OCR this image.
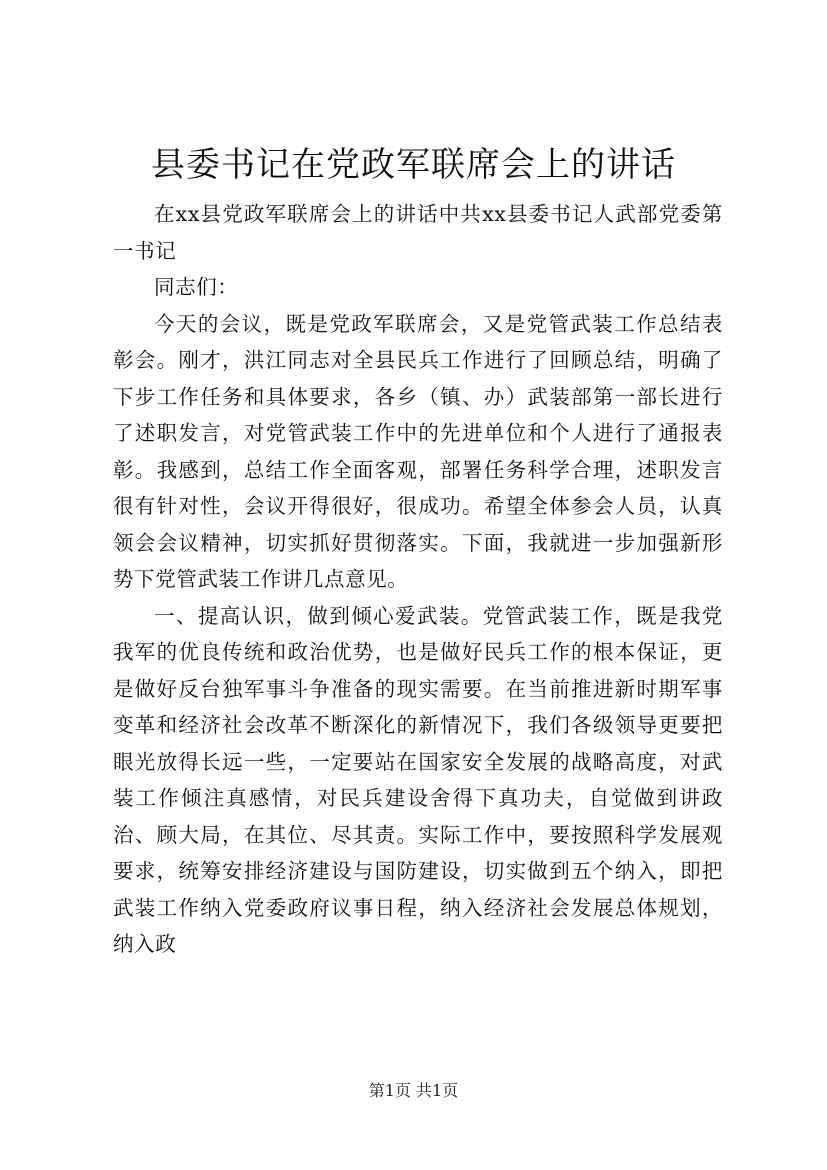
县委书记在党政军联席会上的讲话

在xx县党政军联席会上的讲话中共xx县委书记人武部党委第一书记

同志们：

今天的会议，既是党政军联席会，又是党管武装工作总结表彰会。刚才，洪江同志对全县民兵工作进行了回顾总结，明确了下步工作任务和具体要求，各乡（镇、办）武装部第一部长进行了述职发言，对党管武装工作中的先进单位和个人进行了通报表彰。我感到，总结工作全面客观，部署任务科学合理，述职发言很有针对性，会议开得很好，很成功。希望全体参会人员，认真领会会议精神，切实抓好贯彻落实。下面，我就进一步加强新形势下党管武装工作讲几点意见。

一、提高认识，做到倾心爱武装。党管武装工作，既是我党我军的优良传统和政治优势，也是做好民兵工作的根本保证，更是做好反台独军事斗争准备的现实需要。在当前推进新时期军事变革和经济社会改革不断深化的新情况下，我们各级领导更要把眼光放得长远一些，一定要站在国家安全发展的战略高度，对武装工作倾注真感情，对民兵建设舍得下真功夫，自觉做到讲政治、顾大局，在其位、尽其责。实际工作中，要按照科学发展观要求，统筹安排经济建设与国防建设，切实做到五个纳入，即把武装工作纳入党委政府议事日程，纳入经济社会发展总体规划，纳入政

第1页 共1页
